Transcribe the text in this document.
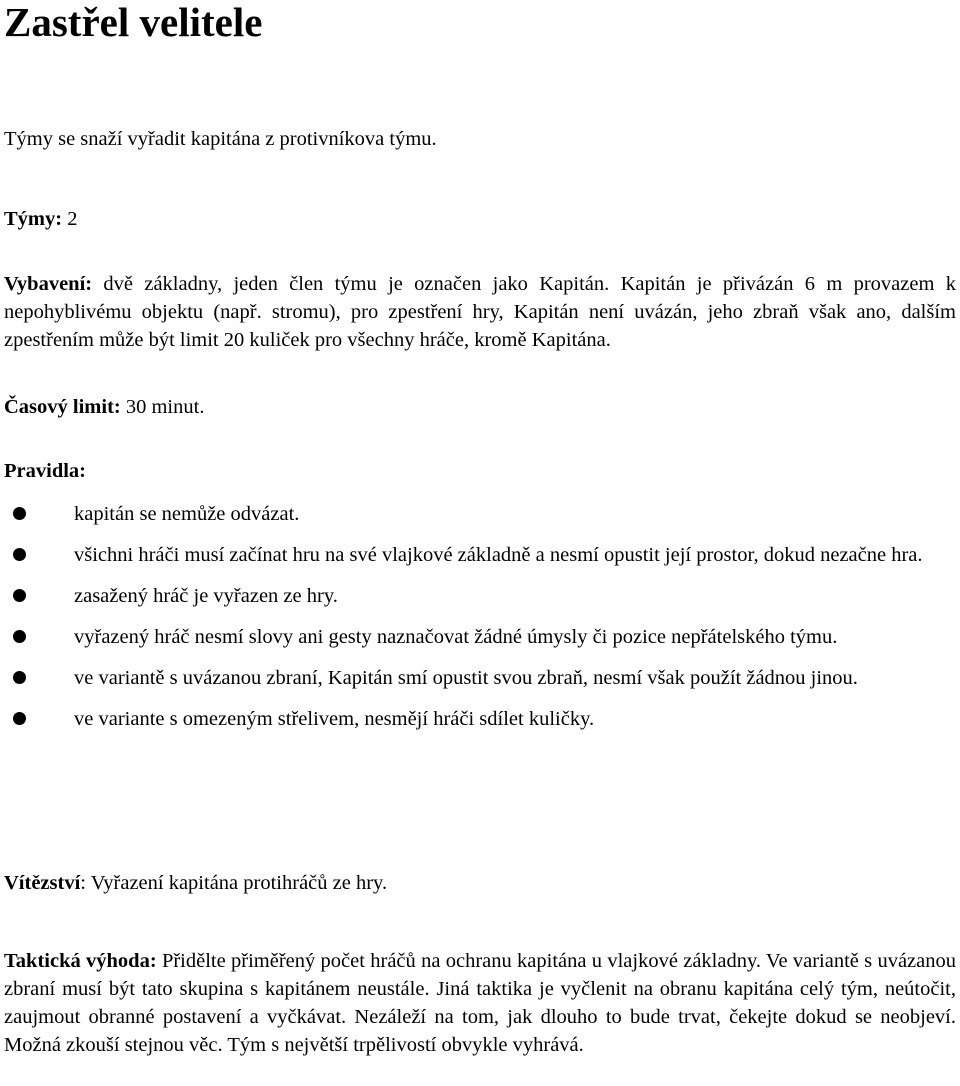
Zastřel velitele

Týmy se snaží vyřadit kapitána z protivníkova týmu.

Týmy: 2

Vybavení: dvě základny, jeden člen týmu je označen jako Kapitán. Kapitán je přivázán 6 m provazem k nepohyblivému objektu (např. stromu), pro zpestření hry, Kapitán není uvázán, jeho zbraň však ano, dalším zpestřením může být limit 20 kuliček pro všechny hráče, kromě Kapitána.

Časový limit: 30 minut.

Pravidla:

kapitán se nemůže odvázat.
všichni hráči musí začínat hru na své vlajkové základně a nesmí opustit její prostor, dokud nezačne hra.
zasažený hráč je vyřazen ze hry.
vyřazený hráč nesmí slovy ani gesty naznačovat žádné úmysly či pozice nepřátelského týmu.
ve variantě s uvázanou zbraní, Kapitán smí opustit svou zbraň, nesmí však použít žádnou jinou.
ve variante s omezeným střelivem, nesmějí hráči sdílet kuličky.

Vítězství: Vyřazení kapitána protihráčů ze hry.

Taktická výhoda: Přidělte přiměřený počet hráčů na ochranu kapitána u vlajkové základny. Ve variantě s uvázanou zbraní musí být tato skupina s kapitánem neustále. Jiná taktika je vyčlenit na obranu kapitána celý tým, neútočit, zaujmout obranné postavení a vyčkávat. Nezáleží na tom, jak dlouho to bude trvat, čekejte dokud se neobjeví. Možná zkouší stejnou věc. Tým s největší trpělivostí obvykle vyhrává.
